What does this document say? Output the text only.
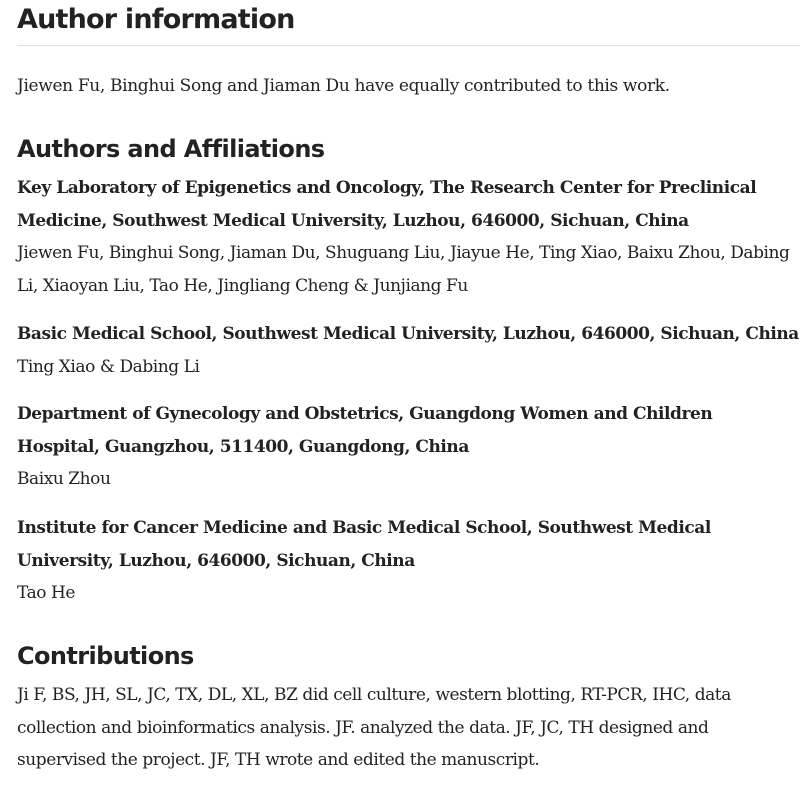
Author information

Jiewen Fu, Binghui Song and Jiaman Du have equally contributed to this work.

Authors and Affiliations
Key Laboratory of Epigenetics and Oncology, The Research Center for Preclinical Medicine, Southwest Medical University, Luzhou, 646000, Sichuan, China
Jiewen Fu, Binghui Song, Jiaman Du, Shuguang Liu, Jiayue He, Ting Xiao, Baixu Zhou, Dabing Li, Xiaoyan Liu, Tao He, Jingliang Cheng & Junjiang Fu
Basic Medical School, Southwest Medical University, Luzhou, 646000, Sichuan, China
Ting Xiao & Dabing Li
Department of Gynecology and Obstetrics, Guangdong Women and Children Hospital, Guangzhou, 511400, Guangdong, China
Baixu Zhou
Institute for Cancer Medicine and Basic Medical School, Southwest Medical University, Luzhou, 646000, Sichuan, China
Tao He
Contributions

Ji F, BS, JH, SL, JC, TX, DL, XL, BZ did cell culture, western blotting, RT-PCR, IHC, data collection and bioinformatics analysis. JF. analyzed the data. JF, JC, TH designed and supervised the project. JF, TH wrote and edited the manuscript.
